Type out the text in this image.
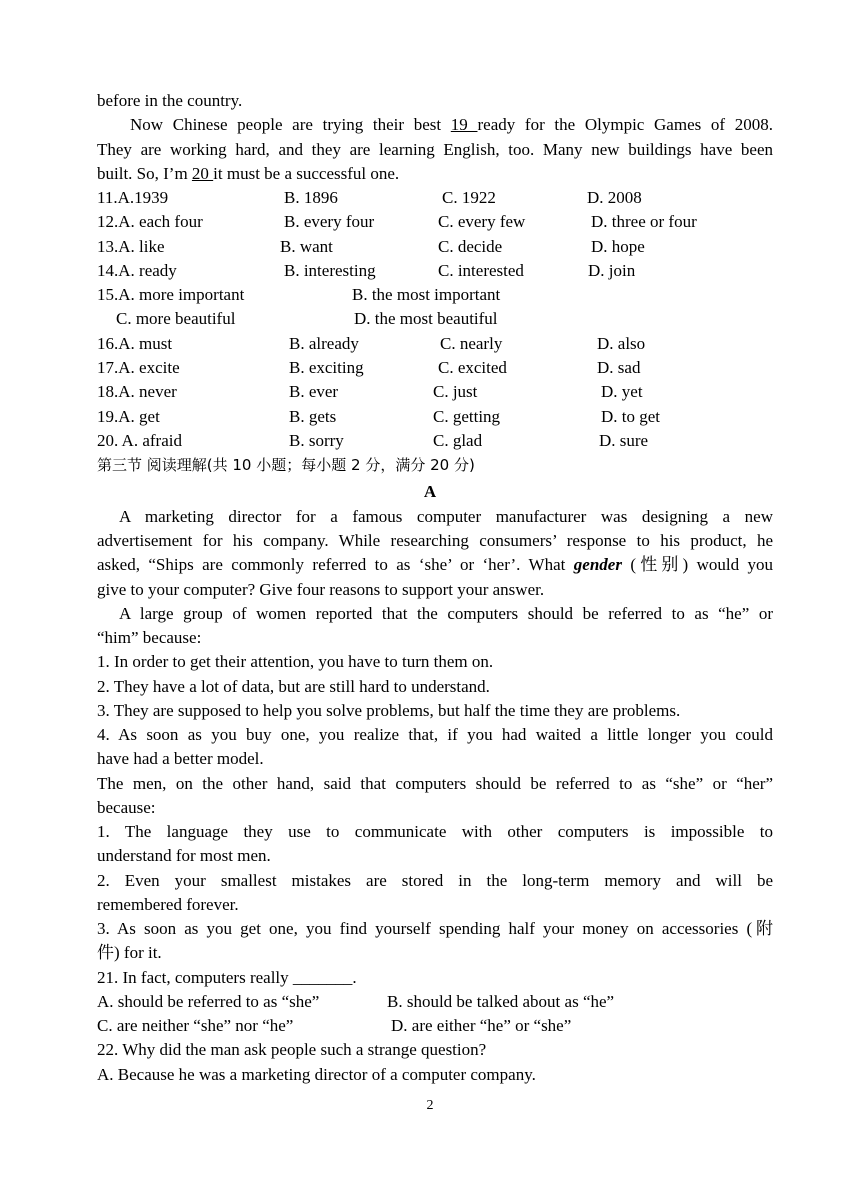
before in the country.
Now Chinese people are trying their best 19 ready for the Olympic Games of 2008.
They are working hard, and they are learning English, too. Many new buildings have been
built. So, I’m 20 it must be a successful one.
11.A.1939	B. 1896	C. 1922	D. 2008
12.A. each four	B. every four	C. every few	D. three or four
13.A. like	B. want	C. decide	D. hope
14.A. ready	B. interesting	C. interested	D. join
15.A. more important	B. the most important
C. more beautiful	D. the most beautiful
16.A. must	B. already	C. nearly	D. also
17.A. excite	B. exciting	C. excited	D. sad
18.A. never	B. ever	C. just	D. yet
19.A. get	B. gets	C. getting	D. to get
20. A. afraid	B. sorry	C. glad	D. sure
第三节 阅读理解(共 10 小题；每小题 2 分，满分 20 分)
A
A marketing director for a famous computer manufacturer was designing a new
advertisement for his company. While researching consumers’ response to his product, he
asked, “Ships are commonly referred to as ‘she’ or ‘her’. What gender (性别) would you
give to your computer? Give four reasons to support your answer.
A large group of women reported that the computers should be referred to as “he” or
“him” because:
1. In order to get their attention, you have to turn them on.
2. They have a lot of data, but are still hard to understand.
3. They are supposed to help you solve problems, but half the time they are problems.
4. As soon as you buy one, you realize that, if you had waited a little longer you could
have had a better model.
The men, on the other hand, said that computers should be referred to as “she” or “her”
because:
1. The language they use to communicate with other computers is impossible to
understand for most men.
2. Even your smallest mistakes are stored in the long-term memory and will be
remembered forever.
3. As soon as you get one, you find yourself spending half your money on accessories (附
件) for it.
21. In fact, computers really _______.
A. should be referred to as “she”	B. should be talked about as “he”
C. are neither “she” nor “he”	D. are either “he” or “she”
22. Why did the man ask people such a strange question?
A. Because he was a marketing director of a computer company.
2
